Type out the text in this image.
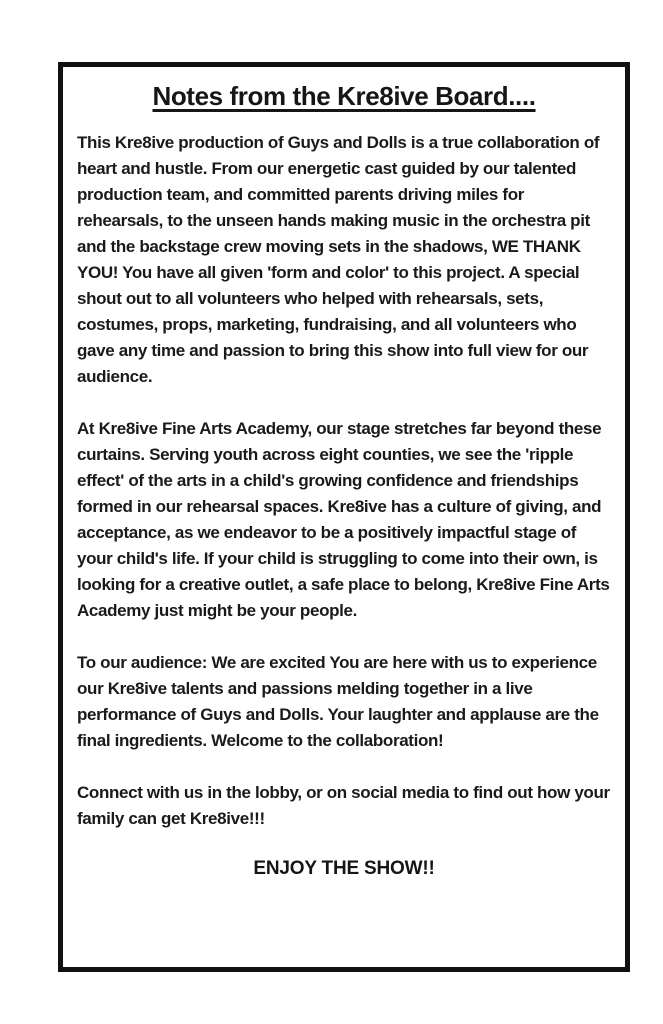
Notes from the Kre8ive Board....

This Kre8ive production of Guys and Dolls is a true collaboration of heart and hustle. From our energetic cast guided by our talented production team, and committed parents driving miles for rehearsals, to the unseen hands making music in the orchestra pit and the backstage crew moving sets in the shadows, WE THANK YOU! You have all given 'form and color' to this project. A special shout out to all volunteers who helped with rehearsals, sets, costumes, props, marketing, fundraising, and all volunteers who gave any time and passion to bring this show into full view for our audience.

At Kre8ive Fine Arts Academy, our stage stretches far beyond these curtains. Serving youth across eight counties, we see the 'ripple effect' of the arts in a child's growing confidence and friendships formed in our rehearsal spaces. Kre8ive has a culture of giving, and acceptance, as we endeavor to be a positively impactful stage of your child's life. If your child is struggling to come into their own, is looking for a creative outlet, a safe place to belong, Kre8ive Fine Arts Academy just might be your people.

To our audience: We are excited You are here with us to experience our Kre8ive talents and passions melding together in a live performance of Guys and Dolls. Your laughter and applause are the final ingredients. Welcome to the collaboration!

Connect with us in the lobby, or on social media to find out how your family can get Kre8ive!!!

ENJOY THE SHOW!!
